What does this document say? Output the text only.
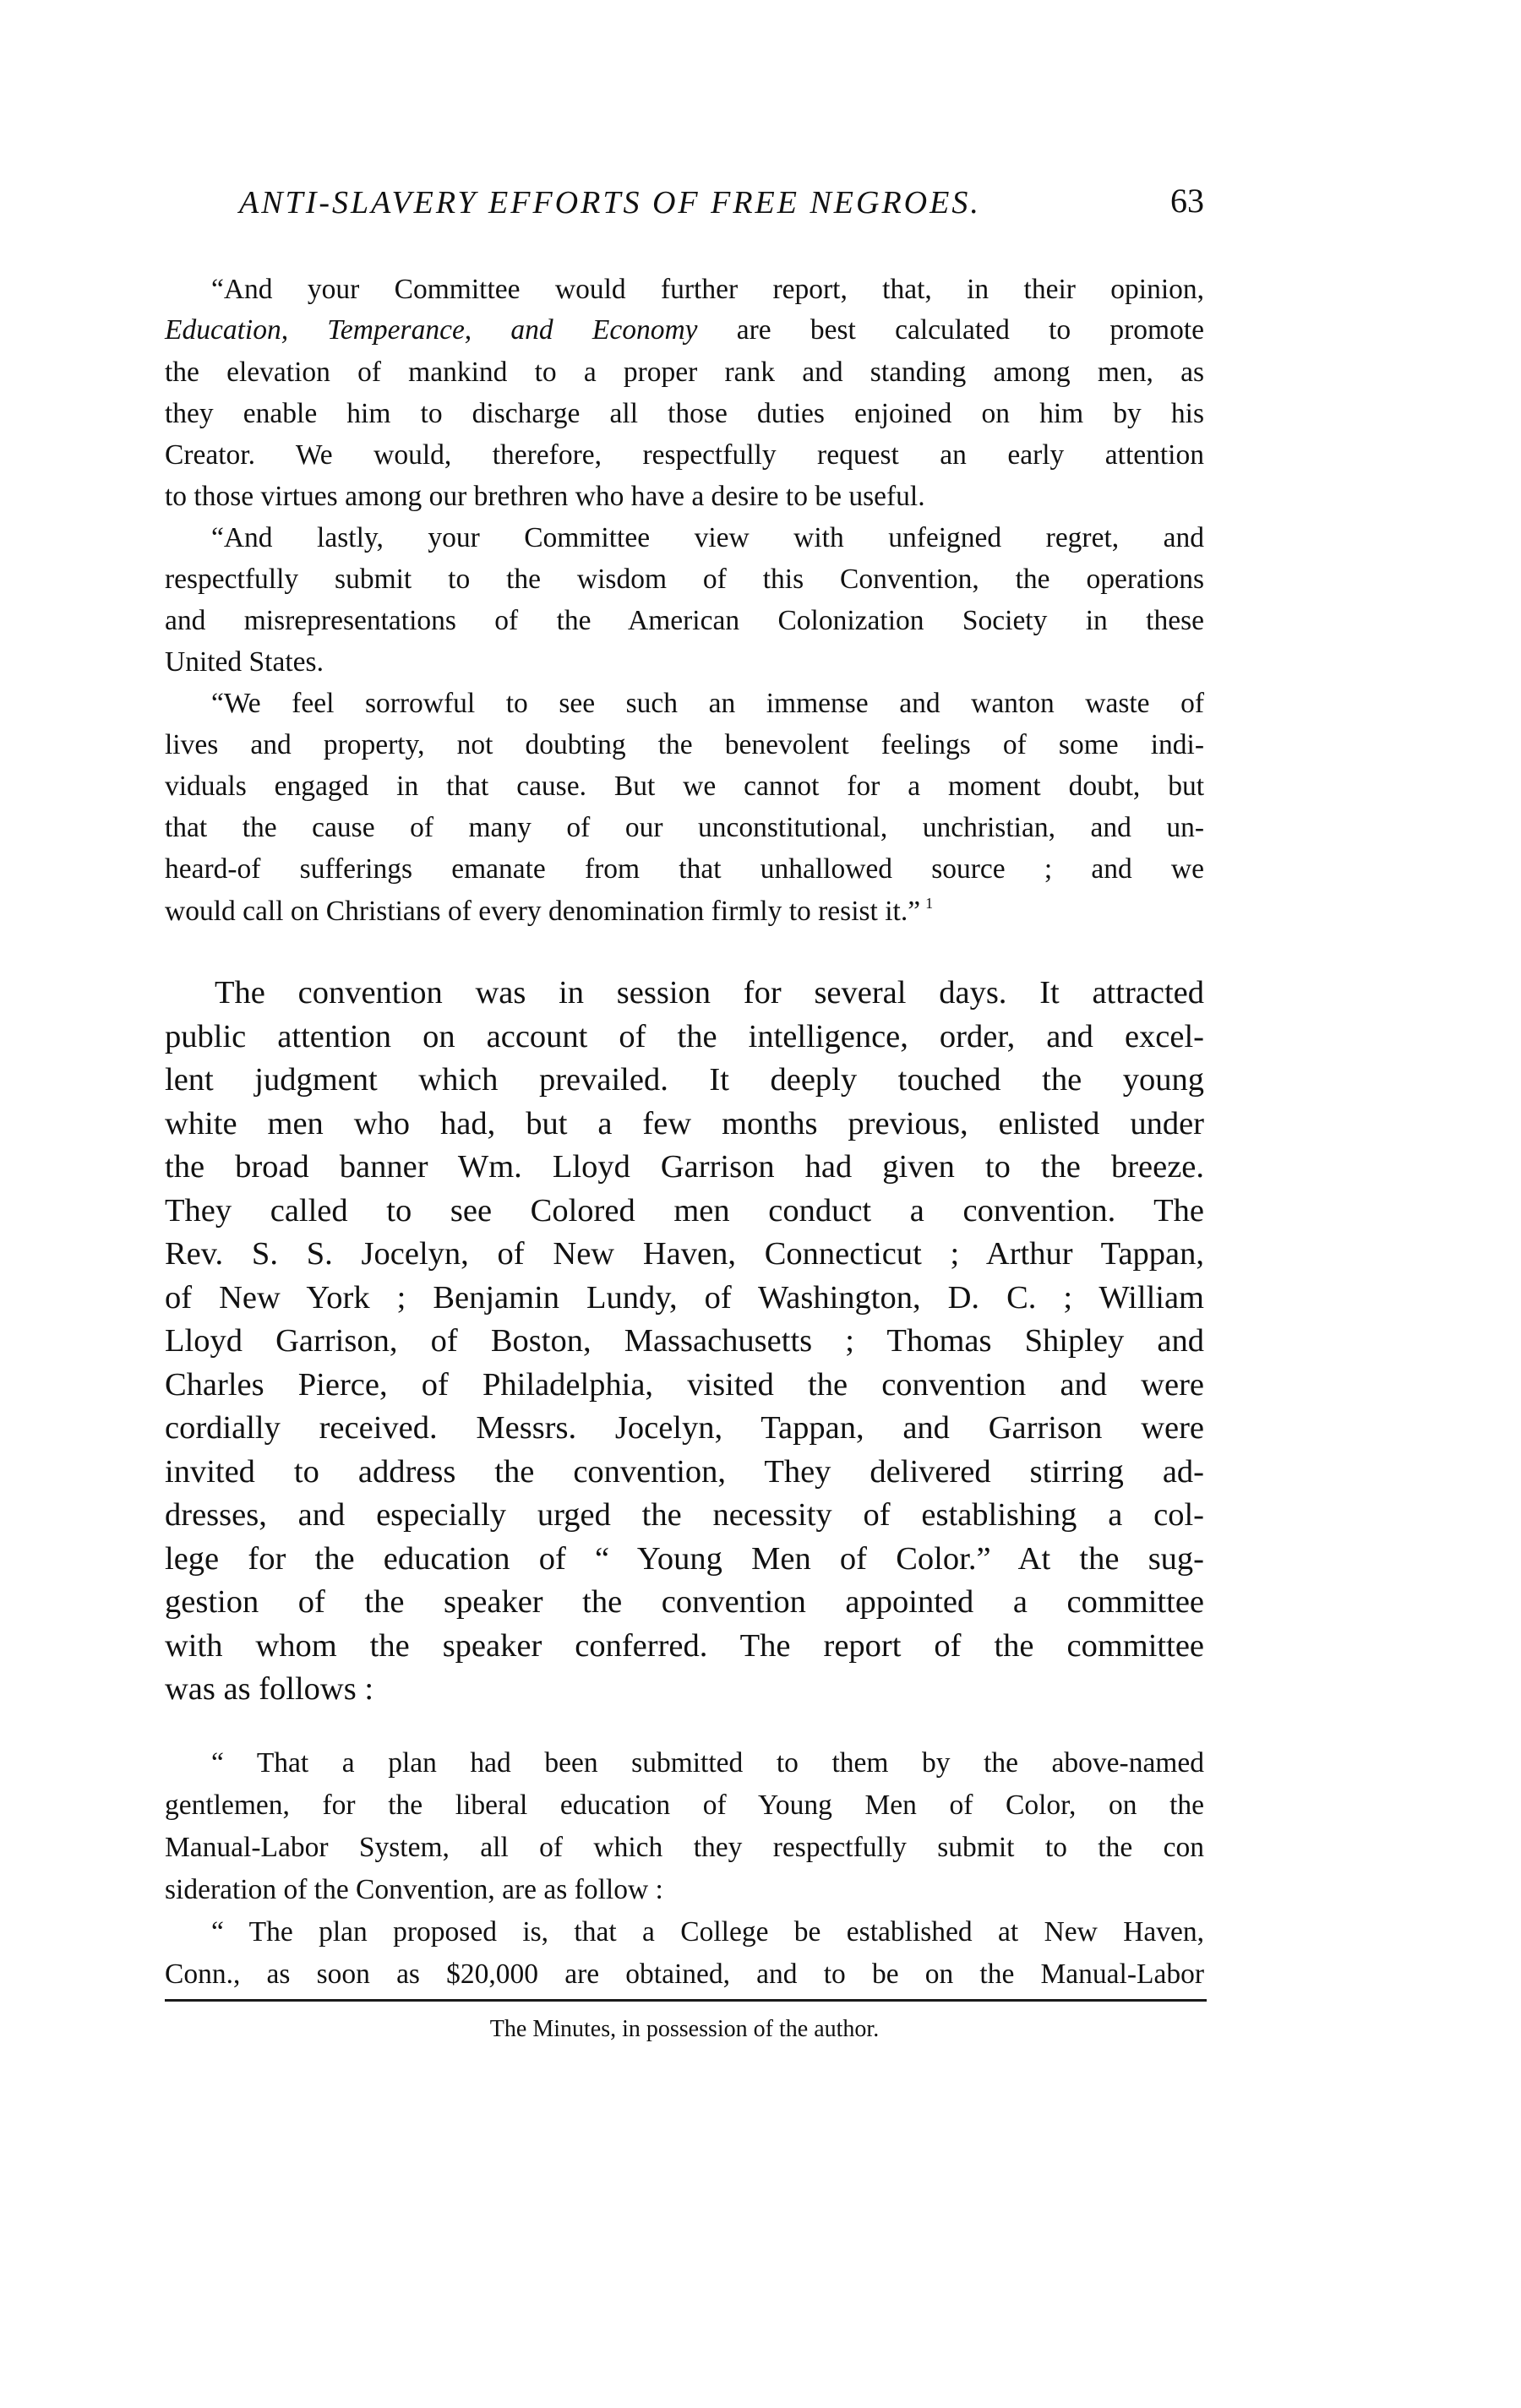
ANTI-SLAVERY EFFORTS OF FREE NEGROES.	63
“And your Committee would further report, that, in their opinion,
Education, Temperance, and Economy are best calculated to promote
the elevation of mankind to a proper rank and standing among men, as
they enable him to discharge all those duties enjoined on him by his
Creator. We would, therefore, respectfully request an early attention
to those virtues among our brethren who have a desire to be useful.
“And lastly, your Committee view with unfeigned regret, and
respectfully submit to the wisdom of this Convention, the operations
and misrepresentations of the American Colonization Society in these
United States.
“We feel sorrowful to see such an immense and wanton waste of
lives and property, not doubting the benevolent feelings of some indi-
viduals engaged in that cause. But we cannot for a moment doubt, but
that the cause of many of our unconstitutional, unchristian, and un-
heard-of sufferings emanate from that unhallowed source ; and we
would call on Christians of every denomination firmly to resist it.” $^1$
The convention was in session for several days. It attracted
public attention on account of the intelligence, order, and excel-
lent judgment which prevailed. It deeply touched the young
white men who had, but a few months previous, enlisted under
the broad banner Wm. Lloyd Garrison had given to the breeze.
They called to see Colored men conduct a convention. The
Rev. S. S. Jocelyn, of New Haven, Connecticut ; Arthur Tappan,
of New York ; Benjamin Lundy, of Washington, D. C. ; William
Lloyd Garrison, of Boston, Massachusetts ; Thomas Shipley and
Charles Pierce, of Philadelphia, visited the convention and were
cordially received. Messrs. Jocelyn, Tappan, and Garrison were
invited to address the convention, They delivered stirring ad-
dresses, and especially urged the necessity of establishing a col-
lege for the education of “ Young Men of Color.” At the sug-
gestion of the speaker the convention appointed a committee
with whom the speaker conferred. The report of the committee
was as follows :
“ That a plan had been submitted to them by the above-named
gentlemen, for the liberal education of Young Men of Color, on the
Manual-Labor System, all of which they respectfully submit to the con
sideration of the Convention, are as follow :
“ The plan proposed is, that a College be established at New Haven,
Conn., as soon as $20,000 are obtained, and to be on the Manual-Labor
The Minutes, in possession of the author.
